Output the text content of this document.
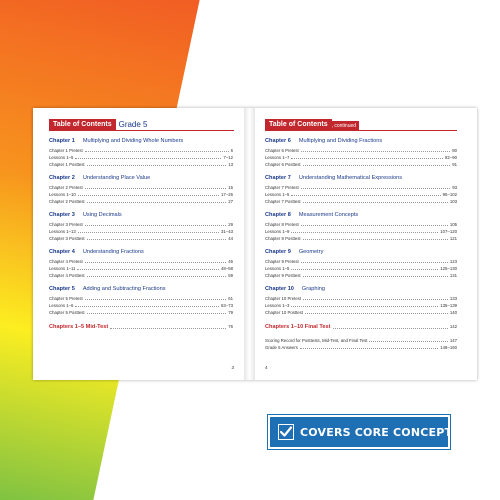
Table of Contents Grade 5
Chapter 1 Multiplying and Dividing Whole Numbers
Chapter 1 Pretest	6
Lessons 1–5	7–12
Chapter 1 Posttest	13
Chapter 2 Understanding Place Value
Chapter 2 Pretest	15
Lessons 1–10	17–26
Chapter 2 Posttest	27
Chapter 3 Using Decimals
Chapter 3 Pretest	29
Lessons 1–13	31–43
Chapter 3 Posttest	44
Chapter 4 Understanding Fractions
Chapter 4 Pretest	46
Lessons 1–11	48–58
Chapter 4 Posttest	59
Chapter 5 Adding and Subtracting Fractions
Chapter 5 Pretest	61
Lessons 1–6	63–73
Chapter 5 Posttest	79
Chapters 1–5 Mid-Test	76
3
Table of Contents , continued
Chapter 6 Multiplying and Dividing Fractions
Chapter 6 Pretest	80
Lessons 1–7	82–90
Chapter 6 Posttest	91
Chapter 7 Understanding Mathematical Expressions
Chapter 7 Pretest	93
Lessons 1–5	95–102
Chapter 7 Posttest	103
Chapter 8 Measurement Concepts
Chapter 8 Pretest	105
Lessons 1–9	107–120
Chapter 8 Posttest	121
Chapter 9 Geometry
Chapter 9 Pretest	123
Lessons 1–5	125–130
Chapter 9 Posttest	131
Chapter 10 Graphing
Chapter 10 Pretest	133
Lessons 1–3	135–139
Chapter 10 Posttest	140
Chapters 1–10 Final Test	142
Scoring Record for Posttests, Mid-Test, and Final Test	147
Grade 5 Answers	148–160
4
COVERS CORE CONCEPTS
